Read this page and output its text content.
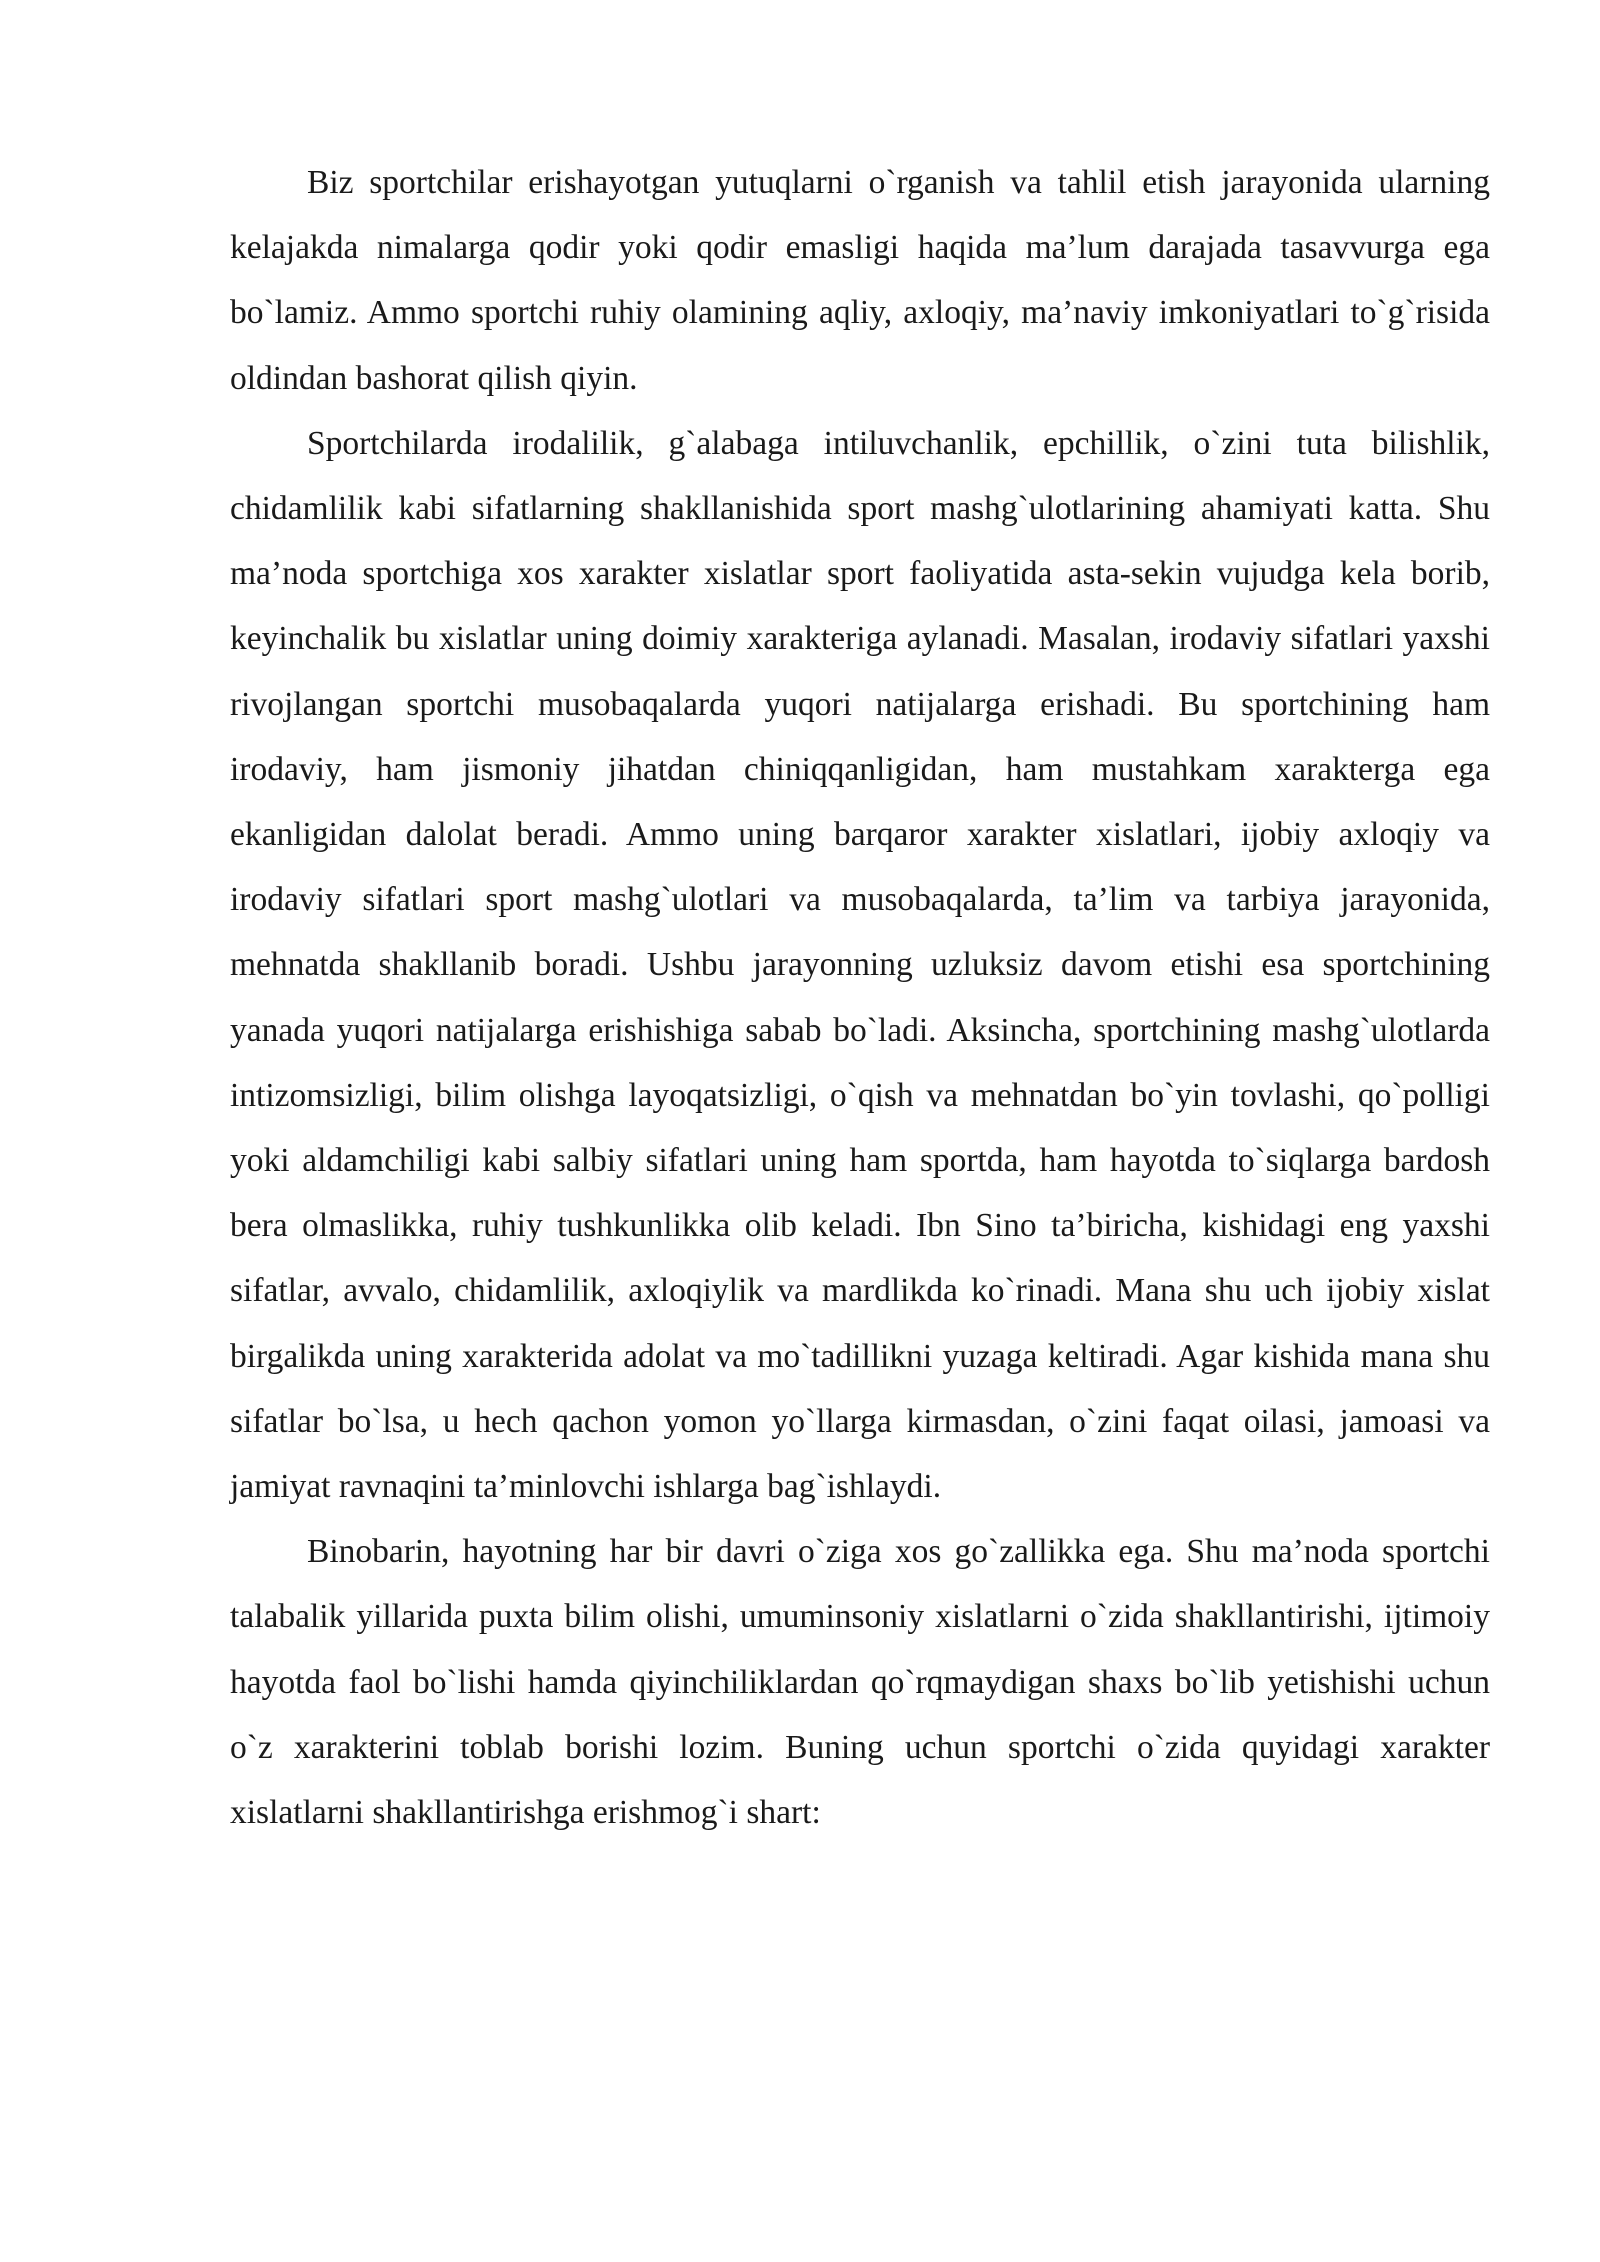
Biz sportchilar erishayotgan yutuqlarni o`rganish va tahlil etish jarayonida ularning kelajakda nimalarga qodir yoki qodir emasligi haqida ma’lum darajada tasavvurga ega bo`lamiz. Ammo sportchi ruhiy olamining aqliy, axloqiy, ma’naviy imkoniyatlari to`g`risida oldindan bashorat qilish qiyin.

Sportchilarda irodalilik, g`alabaga intiluvchanlik, epchillik, o`zini tuta bilishlik, chidamlilik kabi sifatlarning shakllanishida sport mashg`ulotlarining ahamiyati katta. Shu ma’noda sportchiga xos xarakter xislatlar sport faoliyatida asta-sekin vujudga kela borib, keyinchalik bu xislatlar uning doimiy xarakteriga aylanadi. Masalan, irodaviy sifatlari yaxshi rivojlangan sportchi musobaqalarda yuqori natijalarga erishadi. Bu sportchining ham irodaviy, ham jismoniy jihatdan chiniqqanligidan, ham mustahkam xarakterga ega ekanligidan dalolat beradi. Ammo uning barqaror xarakter xislatlari, ijobiy axloqiy va irodaviy sifatlari sport mashg`ulotlari va musobaqalarda, ta’lim va tarbiya jarayonida, mehnatda shakllanib boradi. Ushbu jarayonning uzluksiz davom etishi esa sportchining yanada yuqori natijalarga erishishiga sabab bo`ladi. Aksincha, sportchining mashg`ulotlarda intizomsizligi, bilim olishga layoqatsizligi, o`qish va mehnatdan bo`yin tovlashi, qo`polligi yoki aldamchiligi kabi salbiy sifatlari uning ham sportda, ham hayotda to`siqlarga bardosh bera olmaslikka, ruhiy tushkunlikka olib keladi. Ibn Sino ta’biricha, kishidagi eng yaxshi sifatlar, avvalo, chidamlilik, axloqiylik va mardlikda ko`rinadi. Mana shu uch ijobiy xislat birgalikda uning xarakterida adolat va mo`tadillikni yuzaga keltiradi. Agar kishida mana shu sifatlar bo`lsa, u hech qachon yomon yo`llarga kirmasdan, o`zini faqat oilasi, jamoasi va jamiyat ravnaqini ta’minlovchi ishlarga bag`ishlaydi.

Binobarin, hayotning har bir davri o`ziga xos go`zallikka ega. Shu ma’noda sportchi talabalik yillarida puxta bilim olishi, umuminsoniy xislatlarni o`zida shakllantirishi, ijtimoiy hayotda faol bo`lishi hamda qiyinchiliklardan qo`rqmaydigan shaxs bo`lib yetishishi uchun o`z xarakterini toblab borishi lozim. Buning uchun sportchi o`zida quyidagi xarakter xislatlarni shakllantirishga erishmog`i shart:
